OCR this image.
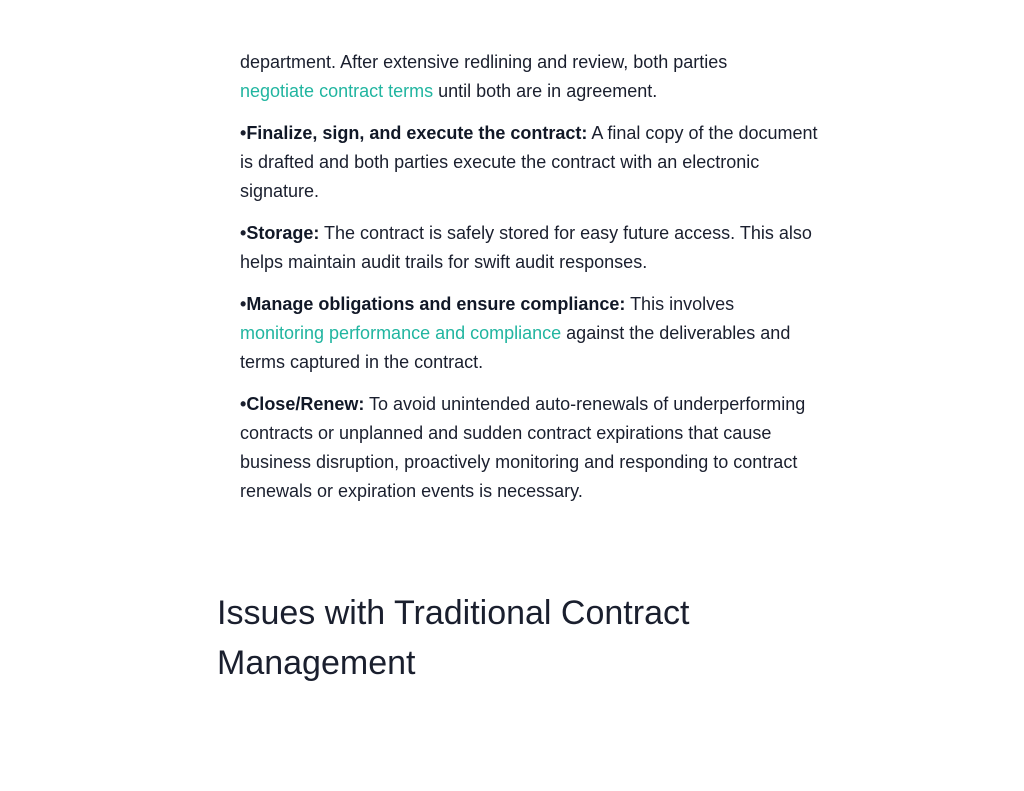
department. After extensive redlining and review, both parties
negotiate contract terms until both are in agreement.

•Finalize, sign, and execute the contract: A final copy of the document is drafted and both parties execute the contract with an electronic signature.

•Storage: The contract is safely stored for easy future access. This also helps maintain audit trails for swift audit responses.

•Manage obligations and ensure compliance: This involves monitoring performance and compliance against the deliverables and terms captured in the contract.

•Close/Renew: To avoid unintended auto-renewals of underperforming contracts or unplanned and sudden contract expirations that cause business disruption, proactively monitoring and responding to contract renewals or expiration events is necessary.

Issues with Traditional Contract Management
